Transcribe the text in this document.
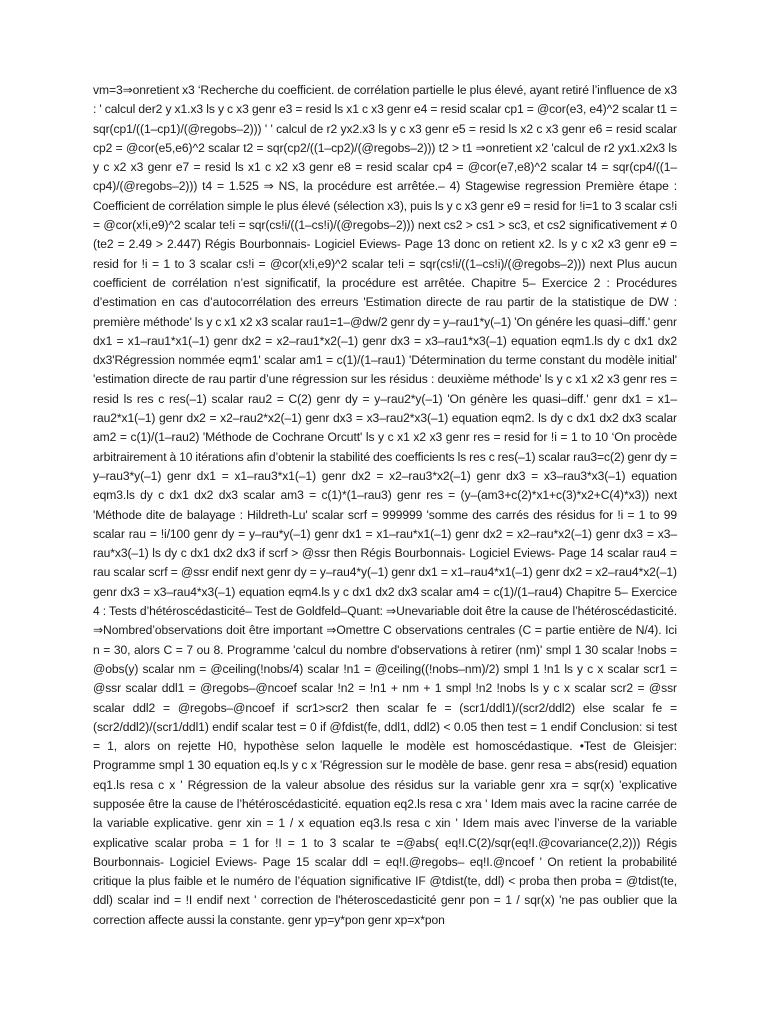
vm=3⇒onretient x3 ‘Recherche du coefficient. de corrélation partielle le plus élevé, ayant retiré l’influence de x3 : ' calcul der2 y x1.x3 ls y c x3 genr e3 = resid ls x1 c x3 genr e4 = resid scalar cp1 = @cor(e3, e4)^2 scalar t1 = sqr(cp1/((1–cp1)/(@regobs–2))) ' ' calcul de r2 yx2.x3 ls y c x3 genr e5 = resid ls x2 c x3 genr e6 = resid scalar cp2 = @cor(e5,e6)^2 scalar t2 = sqr(cp2/((1–cp2)/(@regobs–2))) t2 > t1 ⇒onretient x2 'calcul de r2 yx1.x2x3 ls y c x2 x3 genr e7 = resid ls x1 c x2 x3 genr e8 = resid scalar cp4 = @cor(e7,e8)^2 scalar t4 = sqr(cp4/((1–cp4)/(@regobs–2))) t4 = 1.525 ⇒ NS, la procédure est arrêtée.– 4) Stagewise regression Première étape : Coefficient de corrélation simple le plus élevé (sélection x3), puis ls y c x3 genr e9 = resid for !i=1 to 3 scalar cs!i = @cor(x!i,e9)^2 scalar te!i = sqr(cs!i/((1–cs!i)/(@regobs–2))) next cs2 > cs1 > sc3, et cs2 significativement ≠ 0 (te2 = 2.49 > 2.447) Régis Bourbonnais- Logiciel Eviews- Page 13 donc on retient x2. ls y c x2 x3 genr e9 = resid for !i = 1 to 3 scalar cs!i = @cor(x!i,e9)^2 scalar te!i = sqr(cs!i/((1–cs!i)/(@regobs–2))) next Plus aucun coefficient de corrélation n’est significatif, la procédure est arrêtée. Chapitre 5– Exercice 2 : Procédures d’estimation en cas d’autocorrélation des erreurs 'Estimation directe de rau partir de la statistique de DW : première méthode' ls y c x1 x2 x3 scalar rau1=1–@dw/2 genr dy = y–rau1*y(–1) 'On génére les quasi–diff.' genr dx1 = x1–rau1*x1(–1) genr dx2 = x2–rau1*x2(–1) genr dx3 = x3–rau1*x3(–1) equation eqm1.ls dy c dx1 dx2 dx3'Régression nommée eqm1' scalar am1 = c(1)/(1–rau1) 'Détermination du terme constant du modèle initial' 'estimation directe de rau partir d’une régression sur les résidus : deuxième méthode' ls y c x1 x2 x3 genr res = resid ls res c res(–1) scalar rau2 = C(2) genr dy = y–rau2*y(–1) 'On génère les quasi–diff.' genr dx1 = x1–rau2*x1(–1) genr dx2 = x2–rau2*x2(–1) genr dx3 = x3–rau2*x3(–1) equation eqm2. ls dy c dx1 dx2 dx3 scalar am2 = c(1)/(1–rau2) 'Méthode de Cochrane Orcutt' ls y c x1 x2 x3 genr res = resid for !i = 1 to 10 ‘On procède arbitrairement à 10 itérations afin d’obtenir la stabilité des coefficients ls res c res(–1) scalar rau3=c(2) genr dy = y–rau3*y(–1) genr dx1 = x1–rau3*x1(–1) genr dx2 = x2–rau3*x2(–1) genr dx3 = x3–rau3*x3(–1) equation eqm3.ls dy c dx1 dx2 dx3 scalar am3 = c(1)*(1–rau3) genr res = (y–(am3+c(2)*x1+c(3)*x2+C(4)*x3)) next 'Méthode dite de balayage : Hildreth-Lu' scalar scrf = 999999 'somme des carrés des résidus for !i = 1 to 99 scalar rau = !i/100 genr dy = y–rau*y(–1) genr dx1 = x1–rau*x1(–1) genr dx2 = x2–rau*x2(–1) genr dx3 = x3–rau*x3(–1) ls dy c dx1 dx2 dx3 if scrf > @ssr then Régis Bourbonnais- Logiciel Eviews- Page 14 scalar rau4 = rau scalar scrf = @ssr endif next genr dy = y–rau4*y(–1) genr dx1 = x1–rau4*x1(–1) genr dx2 = x2–rau4*x2(–1) genr dx3 = x3–rau4*x3(–1) equation eqm4.ls y c dx1 dx2 dx3 scalar am4 = c(1)/(1–rau4) Chapitre 5– Exercice 4 : Tests d’hétéroscédasticité– Test de Goldfeld–Quant: ⇒Unevariable doit être la cause de l’hétéroscédasticité. ⇒Nombred’observations doit être important ⇒Omettre C observations centrales (C = partie entière de N/4). Ici n = 30, alors C = 7 ou 8. Programme 'calcul du nombre d'observations à retirer (nm)' smpl 1 30 scalar !nobs = @obs(y) scalar nm = @ceiling(!nobs/4) scalar !n1 = @ceiling((!nobs–nm)/2) smpl 1 !n1 ls y c x scalar scr1 = @ssr scalar ddl1 = @regobs–@ncoef scalar !n2 = !n1 + nm + 1 smpl !n2 !nobs ls y c x scalar scr2 = @ssr scalar ddl2 = @regobs–@ncoef if scr1>scr2 then scalar fe = (scr1/ddl1)/(scr2/ddl2) else scalar fe = (scr2/ddl2)/(scr1/ddl1) endif scalar test = 0 if @fdist(fe, ddl1, ddl2) < 0.05 then test = 1 endif Conclusion: si test = 1, alors on rejette H0, hypothèse selon laquelle le modèle est homoscédastique. •Test de Gleisjer: Programme smpl 1 30 equation eq.ls y c x 'Régression sur le modèle de base. genr resa = abs(resid) equation eq1.ls resa c x ' Régression de la valeur absolue des résidus sur la variable genr xra = sqr(x) 'explicative supposée être la cause de l’hétéroscédasticité. equation eq2.ls resa c xra ' Idem mais avec la racine carrée de la variable explicative. genr xin = 1 / x equation eq3.ls resa c xin ' Idem mais avec l’inverse de la variable explicative scalar proba = 1 for !I = 1 to 3 scalar te =@abs( eq!I.C(2)/sqr(eq!I.@covariance(2,2))) Régis Bourbonnais- Logiciel Eviews- Page 15 scalar ddl = eq!I.@regobs– eq!I.@ncoef ' On retient la probabilité critique la plus faible et le numéro de l’équation significative IF @tdist(te, ddl) < proba then proba = @tdist(te, ddl) scalar ind = !I endif next ' correction de l'héteroscedasticité genr pon = 1 / sqr(x) 'ne pas oublier que la correction affecte aussi la constante. genr yp=y*pon genr xp=x*pon
